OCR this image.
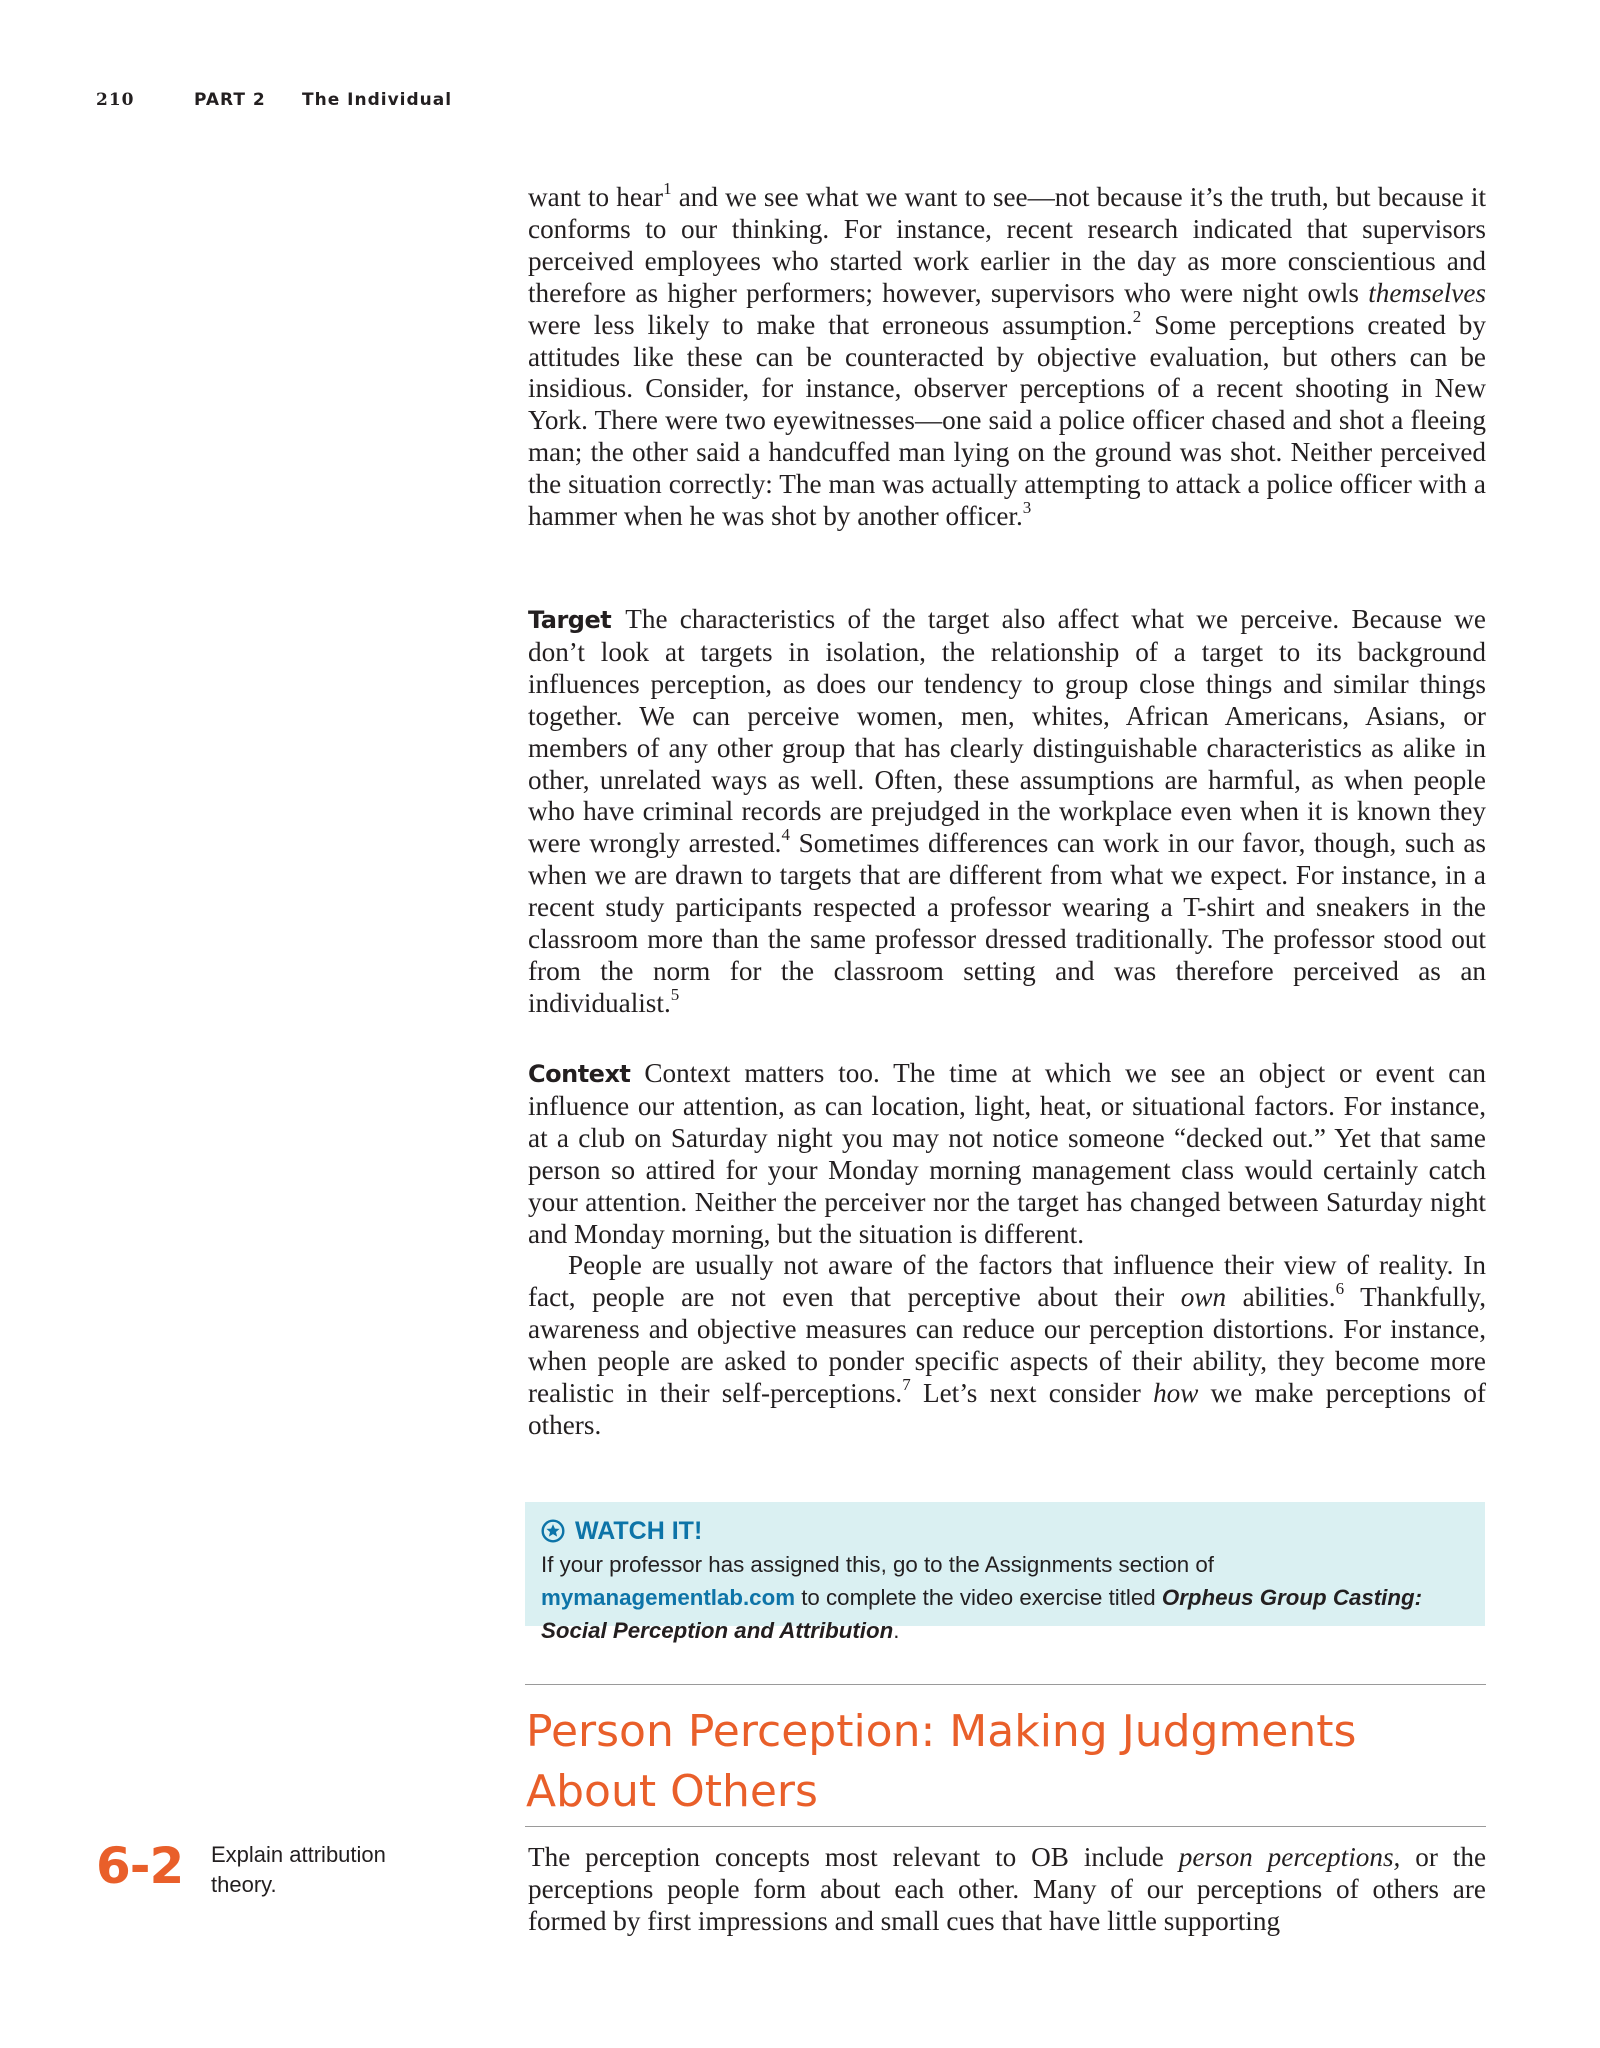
210	PART 2 The Individual

want to hear$^1$ and we see what we want to see—not because it’s the truth, but because it conforms to our thinking. For instance, recent research indicated that supervisors perceived employees who started work earlier in the day as more conscientious and therefore as higher performers; however, supervisors who were night owls themselves were less likely to make that erroneous assumption.$^2$ Some perceptions created by attitudes like these can be counteracted by objective evaluation, but others can be insidious. Consider, for instance, observer perceptions of a recent shooting in New York. There were two eyewitnesses—one said a police officer chased and shot a fleeing man; the other said a handcuffed man lying on the ground was shot. Neither perceived the situation correctly: The man was actually attempting to attack a police officer with a hammer when he was shot by another officer.$^3$

Target The characteristics of the target also affect what we perceive. Because we don’t look at targets in isolation, the relationship of a target to its background influences perception, as does our tendency to group close things and similar things together. We can perceive women, men, whites, African Americans, Asians, or members of any other group that has clearly distinguishable characteristics as alike in other, unrelated ways as well. Often, these assumptions are harmful, as when people who have criminal records are prejudged in the workplace even when it is known they were wrongly arrested.$^4$ Sometimes differences can work in our favor, though, such as when we are drawn to targets that are different from what we expect. For instance, in a recent study participants respected a professor wearing a T-shirt and sneakers in the classroom more than the same professor dressed traditionally. The professor stood out from the norm for the classroom setting and was therefore perceived as an individualist.$^5$

Context Context matters too. The time at which we see an object or event can influence our attention, as can location, light, heat, or situational factors. For instance, at a club on Saturday night you may not notice someone “decked out.” Yet that same person so attired for your Monday morning management class would certainly catch your attention. Neither the perceiver nor the target has changed between Saturday night and Monday morning, but the situation is different.

People are usually not aware of the factors that influence their view of reality. In fact, people are not even that perceptive about their own abilities.$^6$ Thankfully, awareness and objective measures can reduce our perception distortions. For instance, when people are asked to ponder specific aspects of their ability, they become more realistic in their self-perceptions.$^7$ Let’s next consider how we make perceptions of others.

WATCH IT!
If your professor has assigned this, go to the Assignments section of mymanagementlab.com to complete the video exercise titled Orpheus Group Casting: Social Perception and Attribution.
Person Perception: Making Judgments
About Others
6-2 Explain attribution theory.

The perception concepts most relevant to OB include person perceptions, or the perceptions people form about each other. Many of our perceptions of others are formed by first impressions and small cues that have little supporting
